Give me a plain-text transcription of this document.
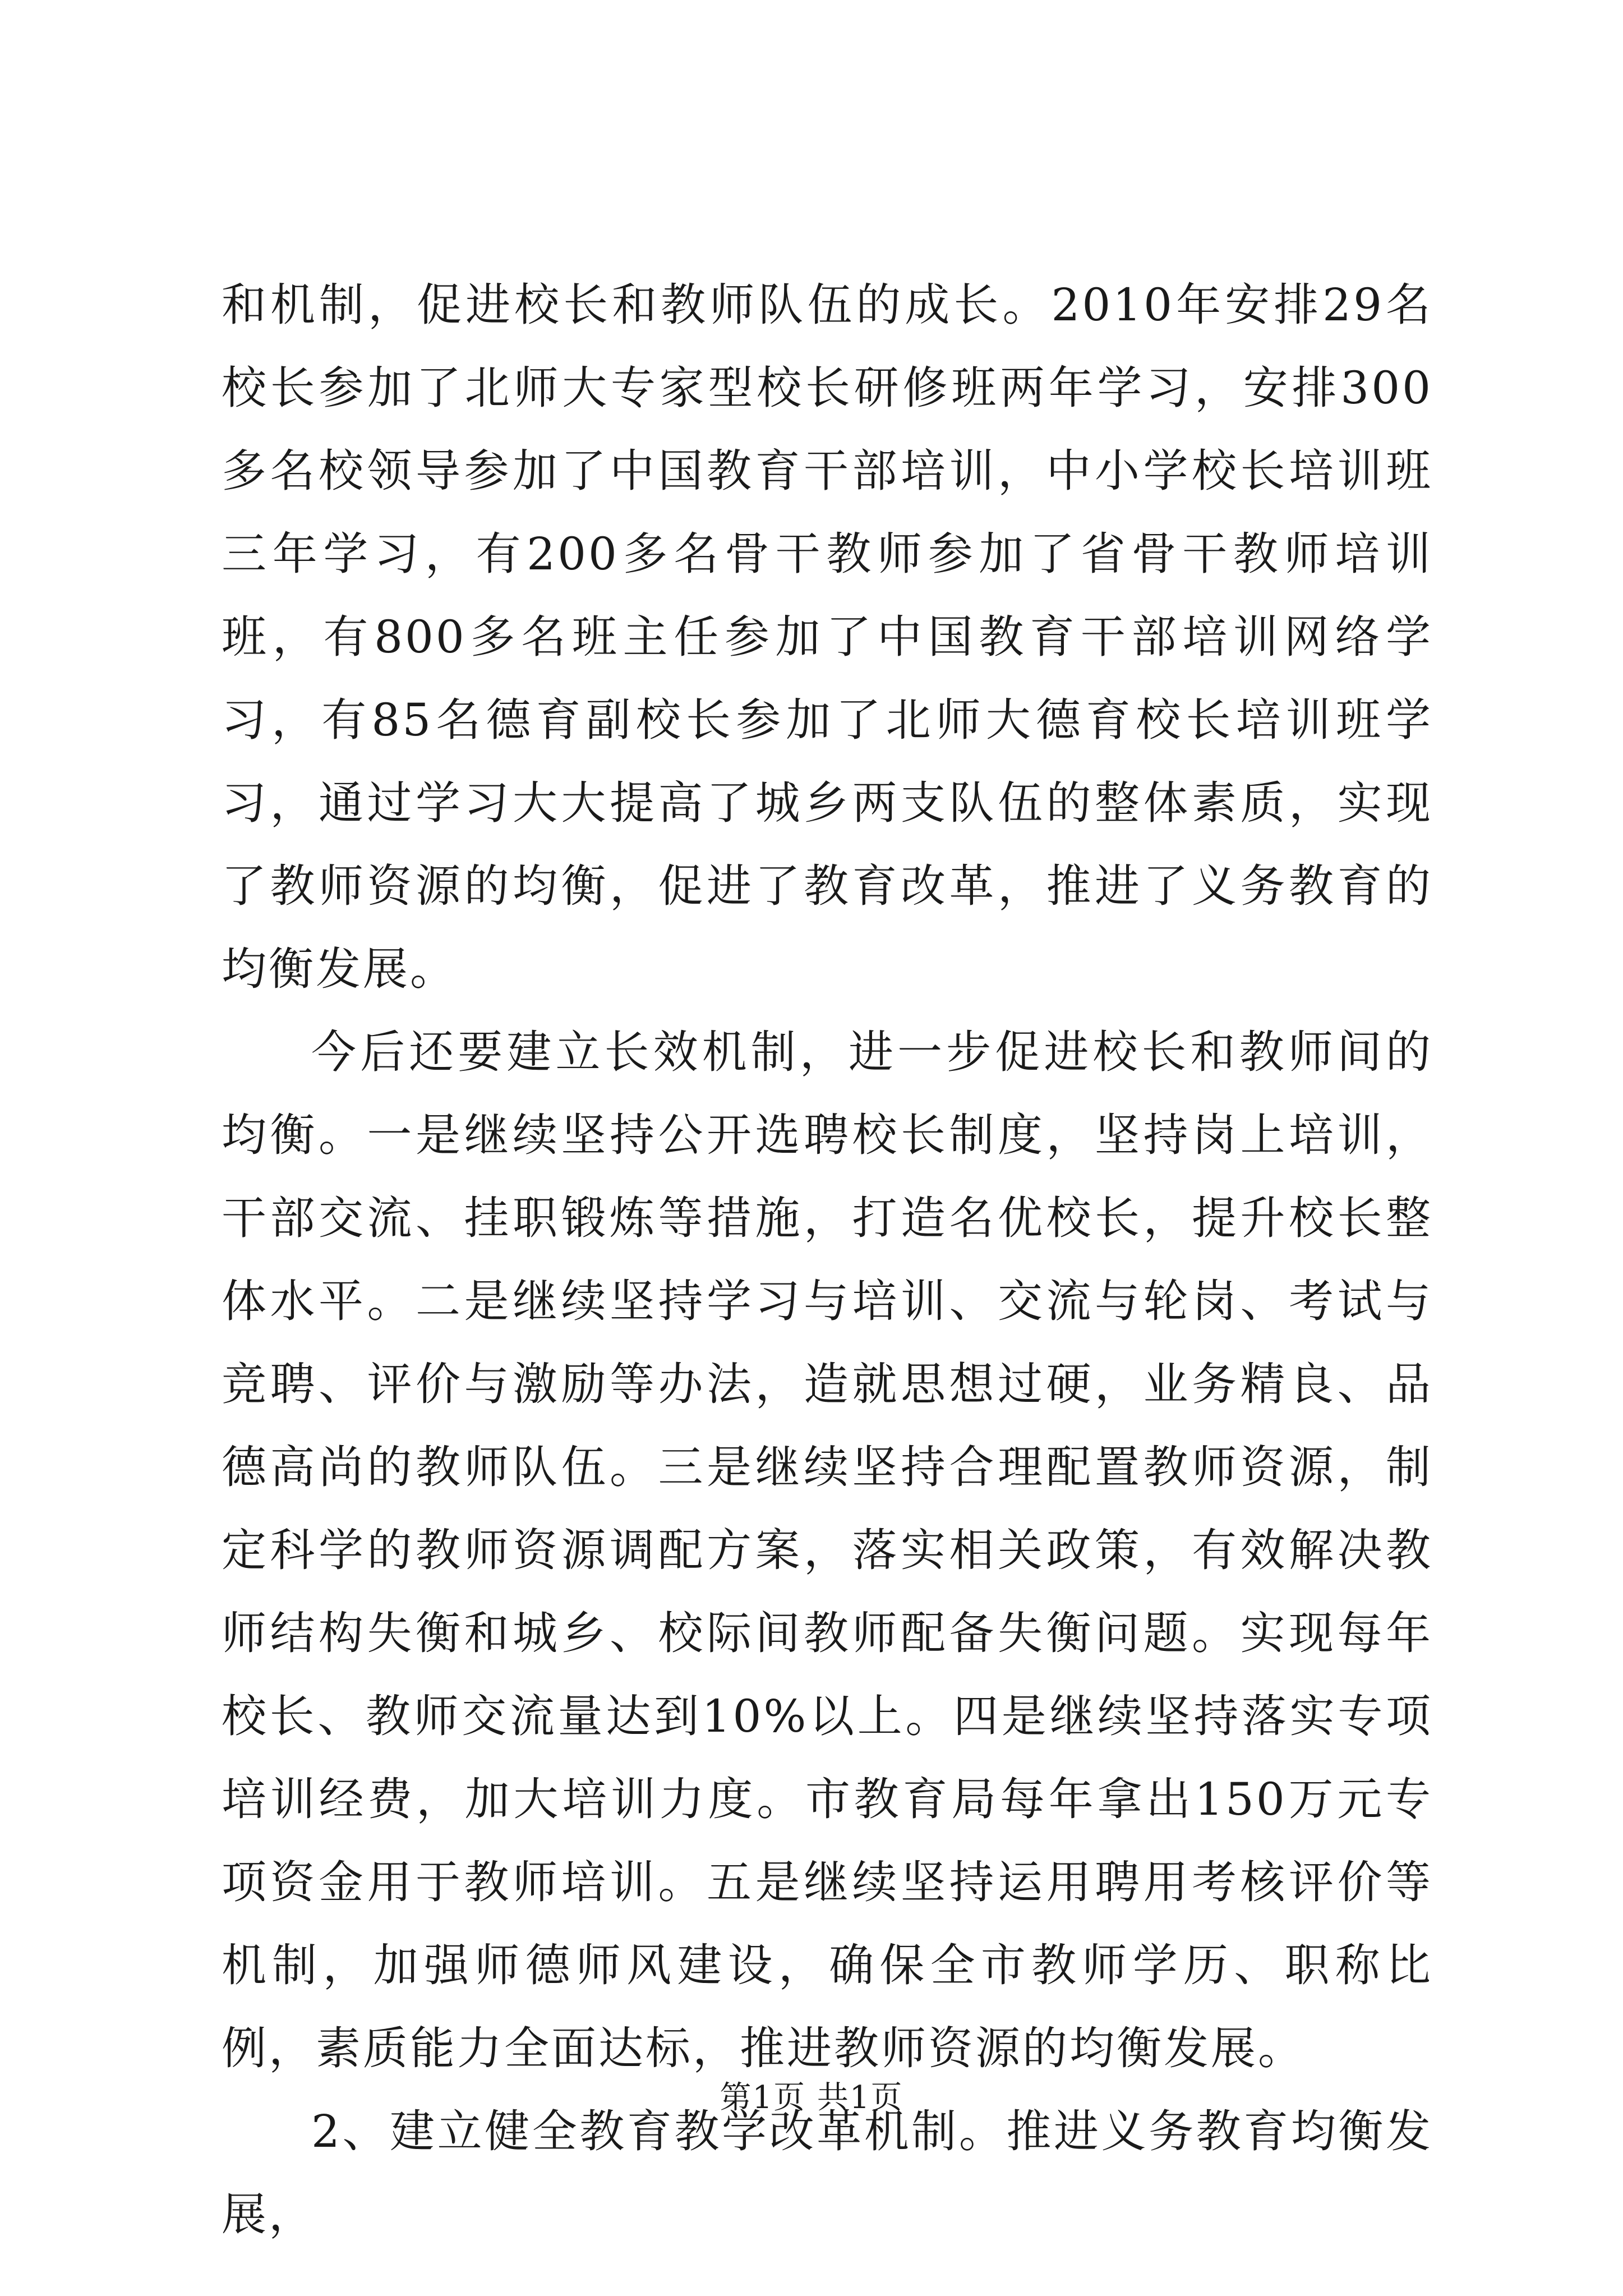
和机制，促进校长和教师队伍的成长。2010年安排29名校长参加了北师大专家型校长研修班两年学习，安排300多名校领导参加了中国教育干部培训，中小学校长培训班三年学习，有200多名骨干教师参加了省骨干教师培训班，有800多名班主任参加了中国教育干部培训网络学习，有85名德育副校长参加了北师大德育校长培训班学习，通过学习大大提高了城乡两支队伍的整体素质，实现了教师资源的均衡，促进了教育改革，推进了义务教育的均衡发展。

今后还要建立长效机制，进一步促进校长和教师间的均衡。一是继续坚持公开选聘校长制度，坚持岗上培训，干部交流、挂职锻炼等措施，打造名优校长，提升校长整体水平。二是继续坚持学习与培训、交流与轮岗、考试与竞聘、评价与激励等办法，造就思想过硬，业务精良、品德高尚的教师队伍。三是继续坚持合理配置教师资源，制定科学的教师资源调配方案，落实相关政策，有效解决教师结构失衡和城乡、校际间教师配备失衡问题。实现每年校长、教师交流量达到10%以上。四是继续坚持落实专项培训经费，加大培训力度。市教育局每年拿出150万元专项资金用于教师培训。五是继续坚持运用聘用考核评价等机制，加强师德师风建设，确保全市教师学历、职称比例，素质能力全面达标，推进教师资源的均衡发展。

2、建立健全教育教学改革机制。推进义务教育均衡发展，

第1页 共1页
